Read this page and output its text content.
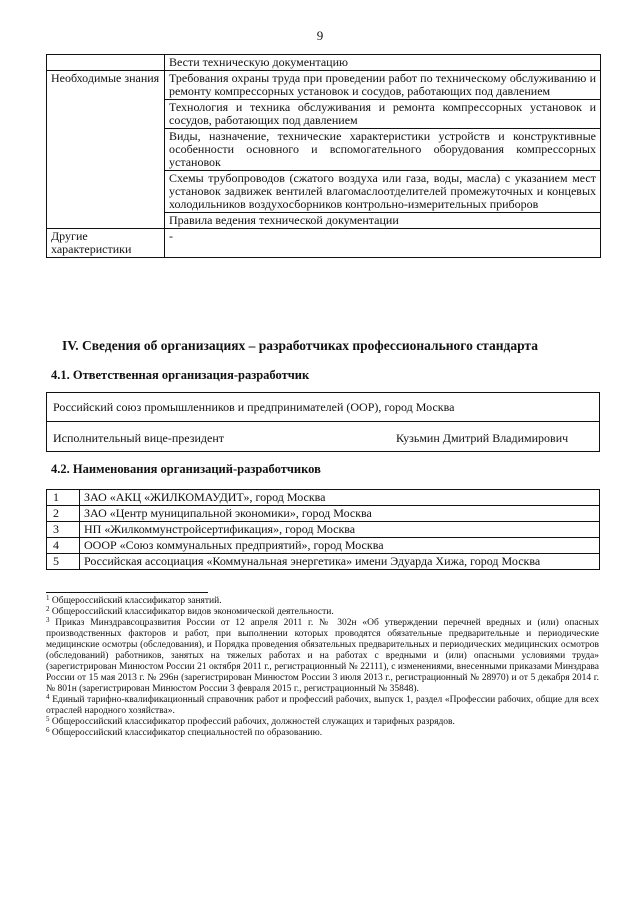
9
	Вести техническую документацию
Необходимые знания	Требования охраны труда при проведении работ по техническому обслуживанию и ремонту компрессорных установок и сосудов, работающих под давлением
	Технология и техника обслуживания и ремонта компрессорных установок и сосудов, работающих под давлением
	Виды, назначение, технические характеристики устройств и конструктивные особенности основного и вспомогательного оборудования компрессорных установок
	Схемы трубопроводов (сжатого воздуха или газа, воды, масла) с указанием мест установок задвижек вентилей влагомаслоотделителей промежуточных и концевых холодильников воздухосборников контрольно-измерительных приборов
	Правила ведения технической документации
Другие характеристики	-
IV. Сведения об организациях – разработчиках профессионального стандарта
4.1. Ответственная организация-разработчик
Российский союз промышленников и предпринимателей (ООР), город Москва
Исполнительный вице-президент	Кузьмин Дмитрий Владимирович
4.2. Наименования организаций-разработчиков
1	ЗАО «АКЦ «ЖИЛКОМАУДИТ», город Москва
2	ЗАО «Центр муниципальной экономики», город Москва
3	НП «Жилкоммунстройсертификация», город Москва
4	ОООР «Союз коммунальных предприятий», город Москва
5	Российская ассоциация «Коммунальная энергетика» имени Эдуарда Хижа, город Москва

$^1$ Общероссийский классификатор занятий.

$^2$ Общероссийский классификатор видов экономической деятельности.

$^3$ Приказ Минздравсоцразвития России от 12 апреля 2011 г. № 302н «Об утверждении перечней вредных и (или) опасных производственных факторов и работ, при выполнении которых проводятся обязательные предварительные и периодические медицинские осмотры (обследования), и Порядка проведения обязательных предварительных и периодических медицинских осмотров (обследований) работников, занятых на тяжелых работах и на работах с вредными и (или) опасными условиями труда» (зарегистрирован Минюстом России 21 октября 2011 г., регистрационный № 22111), с изменениями, внесенными приказами Минздрава России от 15 мая 2013 г. № 296н (зарегистрирован Минюстом России 3 июля 2013 г., регистрационный № 28970) и от 5 декабря 2014 г. № 801н (зарегистрирован Минюстом России 3 февраля 2015 г., регистрационный № 35848).

$^4$ Единый тарифно-квалификационный справочник работ и профессий рабочих, выпуск 1, раздел «Профессии рабочих, общие для всех отраслей народного хозяйства».

$^5$ Общероссийский классификатор профессий рабочих, должностей служащих и тарифных разрядов.

$^6$ Общероссийский классификатор специальностей по образованию.
